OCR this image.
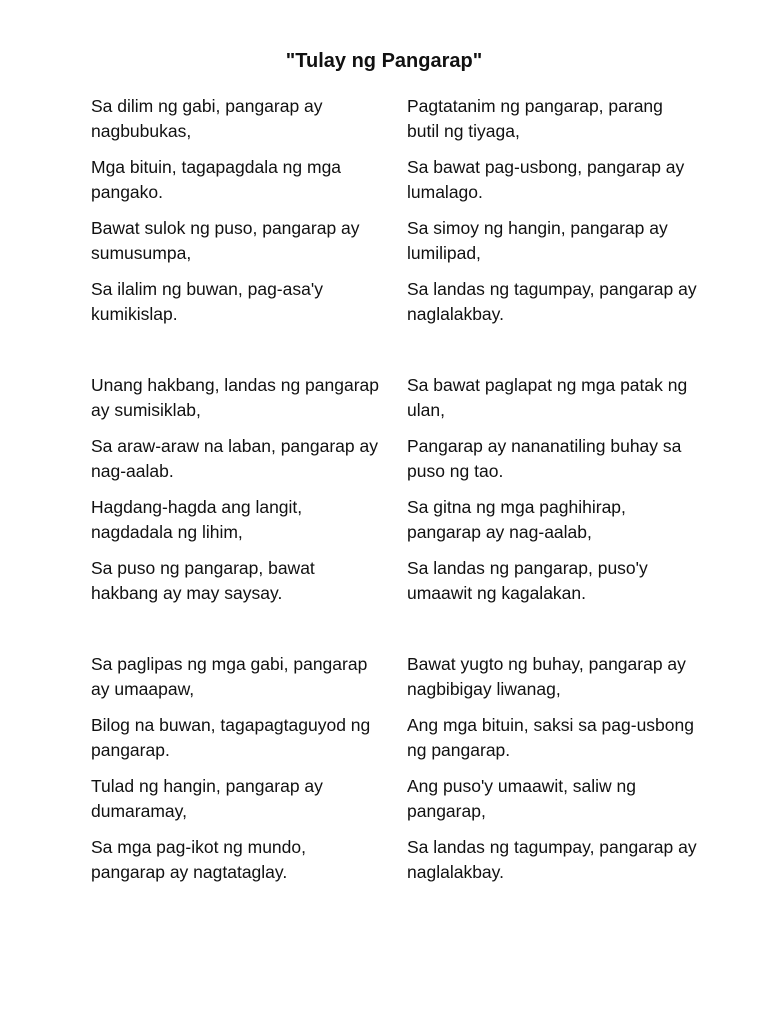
"Tulay ng Pangarap"

Sa dilim ng gabi, pangarap ay nagbubukas,

Mga bituin, tagapagdala ng mga pangako.

Bawat sulok ng puso, pangarap ay sumusumpa,

Sa ilalim ng buwan, pag-asa'y kumikislap.

Pagtatanim ng pangarap, parang butil ng tiyaga,

Sa bawat pag-usbong, pangarap ay lumalago.

Sa simoy ng hangin, pangarap ay lumilipad,

Sa landas ng tagumpay, pangarap ay naglalakbay.

Unang hakbang, landas ng pangarap ay sumisiklab,

Sa araw-araw na laban, pangarap ay nag-aalab.

Hagdang-hagda ang langit, nagdadala ng lihim,

Sa puso ng pangarap, bawat hakbang ay may saysay.

Sa bawat paglapat ng mga patak ng ulan,

Pangarap ay nananatiling buhay sa puso ng tao.

Sa gitna ng mga paghihirap, pangarap ay nag-aalab,

Sa landas ng pangarap, puso'y umaawit ng kagalakan.

Sa paglipas ng mga gabi, pangarap ay umaapaw,

Bilog na buwan, tagapagtaguyod ng pangarap.

Tulad ng hangin, pangarap ay dumaramay,

Sa mga pag-ikot ng mundo, pangarap ay nagtataglay.

Bawat yugto ng buhay, pangarap ay nagbibigay liwanag,

Ang mga bituin, saksi sa pag-usbong ng pangarap.

Ang puso'y umaawit, saliw ng pangarap,

Sa landas ng tagumpay, pangarap ay naglalakbay.
